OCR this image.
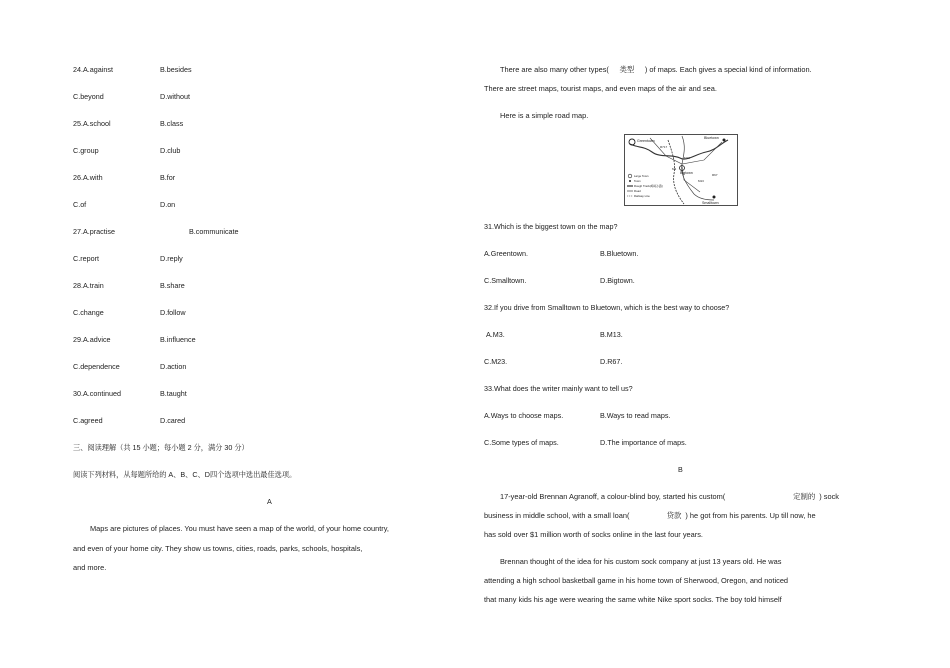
24.A.against	B.besides
C.beyond	D.without
25.A.school	B.class
C.group	D.club
26.A.with	B.for
C.of	D.on
27.A.practise	B.communicate
C.report	D.reply
28.A.train	B.share
C.change	D.follow
29.A.advice	B.influence
C.dependence	D.action
30.A.continued	B.taught
C.agreed	D.cared
三、阅读理解（共 15 小题；每小题 2 分，满分 30 分）
阅读下列材料，从每题所给的 A、B、C、D四个选项中选出最佳选项。
A
Maps are pictures of places. You must have seen a map of the world, of your home country,
and even of your home city. They show us towns, cities, roads, parks, schools, hospitals,
and more.
There are also many other types( 类型 ) of maps. Each gives a special kind of information.
There are street maps, tourist maps, and even maps of the air and sea.
Here is a simple road map.
Greentown
Bluetown
Bigtown
Smalltown
R717
M23
M3
R67
M13
Large Town
Town
Rough Track(崎岖小路)
Road
Railway Line
31.Which is the biggest town on the map?
A.Greentown.	B.Bluetown.
C.Smalltown.	D.Bigtown.
32.If you drive from Smalltown to Bluetown, which is the best way to choose?
A.M3.	B.M13.
C.M23.	D.R67.
33.What does the writer mainly want to tell us?
A.Ways to choose maps.	B.Ways to read maps.
C.Some types of maps.	D.The importance of maps.
B
17-year-old Brennan Agranoff, a colour-blind boy, started his custom(	定制的 ) sock
business in middle school, with a small loan(	贷款 ) he got from his parents. Up till now, he
has sold over $1 million worth of socks online in the last four years.
Brennan thought of the idea for his custom sock company at just 13 years old. He was
attending a high school basketball game in his home town of Sherwood, Oregon, and noticed
that many kids his age were wearing the same white Nike sport socks. The boy told himself
